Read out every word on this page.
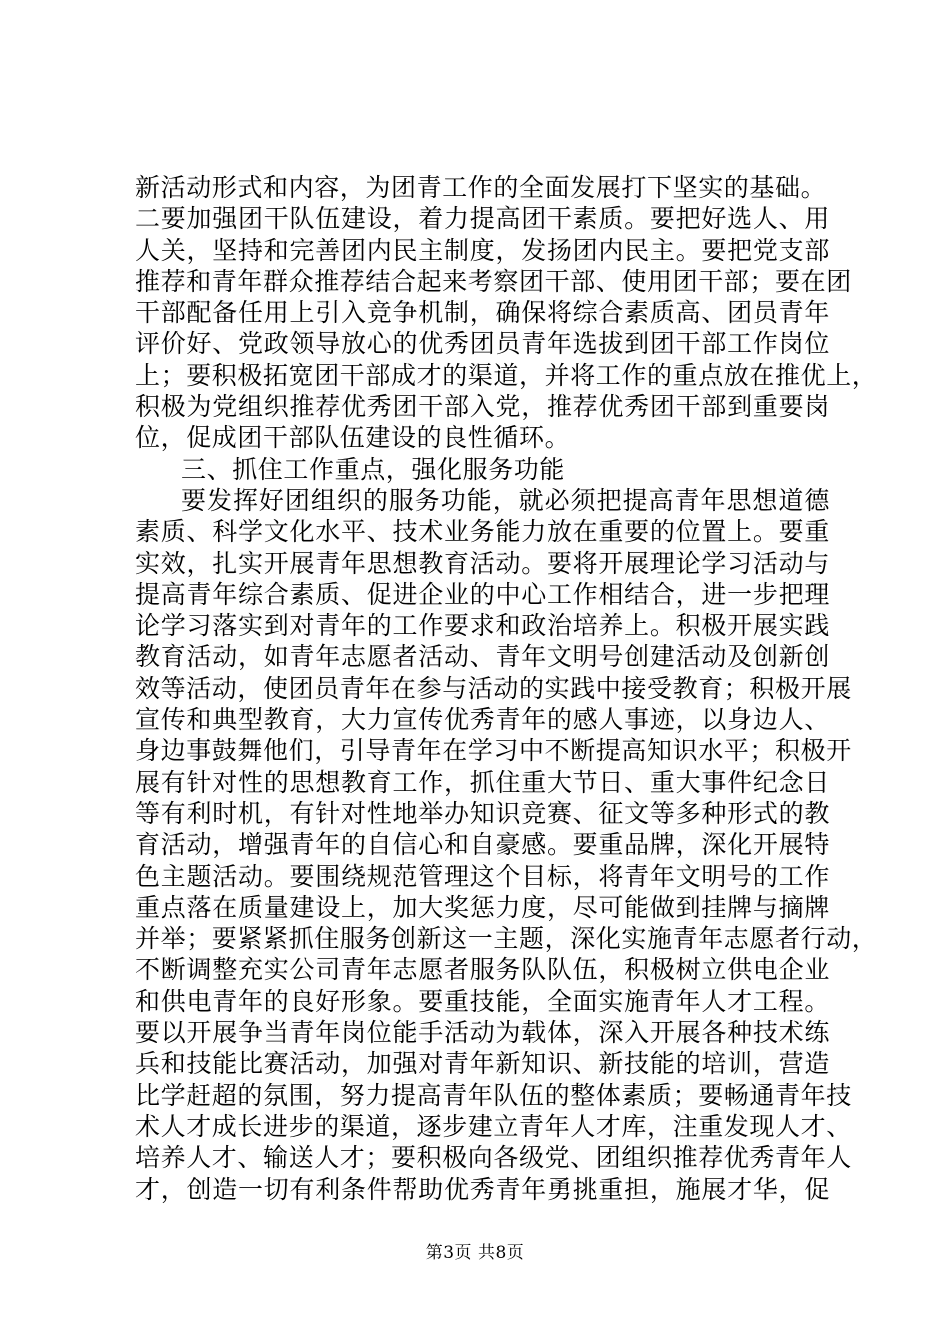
新活动形式和内容，为团青工作的全面发展打下坚实的基础。
二要加强团干队伍建设，着力提高团干素质。要把好选人、用
人关，坚持和完善团内民主制度，发扬团内民主。要把党支部
推荐和青年群众推荐结合起来考察团干部、使用团干部；要在团
干部配备任用上引入竞争机制，确保将综合素质高、团员青年
评价好、党政领导放心的优秀团员青年选拔到团干部工作岗位
上；要积极拓宽团干部成才的渠道，并将工作的重点放在推优上，
积极为党组织推荐优秀团干部入党，推荐优秀团干部到重要岗
位，促成团干部队伍建设的良性循环。
三、抓住工作重点，强化服务功能
要发挥好团组织的服务功能，就必须把提高青年思想道德
素质、科学文化水平、技术业务能力放在重要的位置上。要重
实效，扎实开展青年思想教育活动。要将开展理论学习活动与
提高青年综合素质、促进企业的中心工作相结合，进一步把理
论学习落实到对青年的工作要求和政治培养上。积极开展实践
教育活动，如青年志愿者活动、青年文明号创建活动及创新创
效等活动，使团员青年在参与活动的实践中接受教育；积极开展
宣传和典型教育，大力宣传优秀青年的感人事迹，以身边人、
身边事鼓舞他们，引导青年在学习中不断提高知识水平；积极开
展有针对性的思想教育工作，抓住重大节日、重大事件纪念日
等有利时机，有针对性地举办知识竞赛、征文等多种形式的教
育活动，增强青年的自信心和自豪感。要重品牌，深化开展特
色主题活动。要围绕规范管理这个目标，将青年文明号的工作
重点落在质量建设上，加大奖惩力度，尽可能做到挂牌与摘牌
并举；要紧紧抓住服务创新这一主题，深化实施青年志愿者行动，
不断调整充实公司青年志愿者服务队队伍，积极树立供电企业
和供电青年的良好形象。要重技能，全面实施青年人才工程。
要以开展争当青年岗位能手活动为载体，深入开展各种技术练
兵和技能比赛活动，加强对青年新知识、新技能的培训，营造
比学赶超的氛围，努力提高青年队伍的整体素质；要畅通青年技
术人才成长进步的渠道，逐步建立青年人才库，注重发现人才、
培养人才、输送人才；要积极向各级党、团组织推荐优秀青年人
才，创造一切有利条件帮助优秀青年勇挑重担，施展才华，促
第3页 共8页
